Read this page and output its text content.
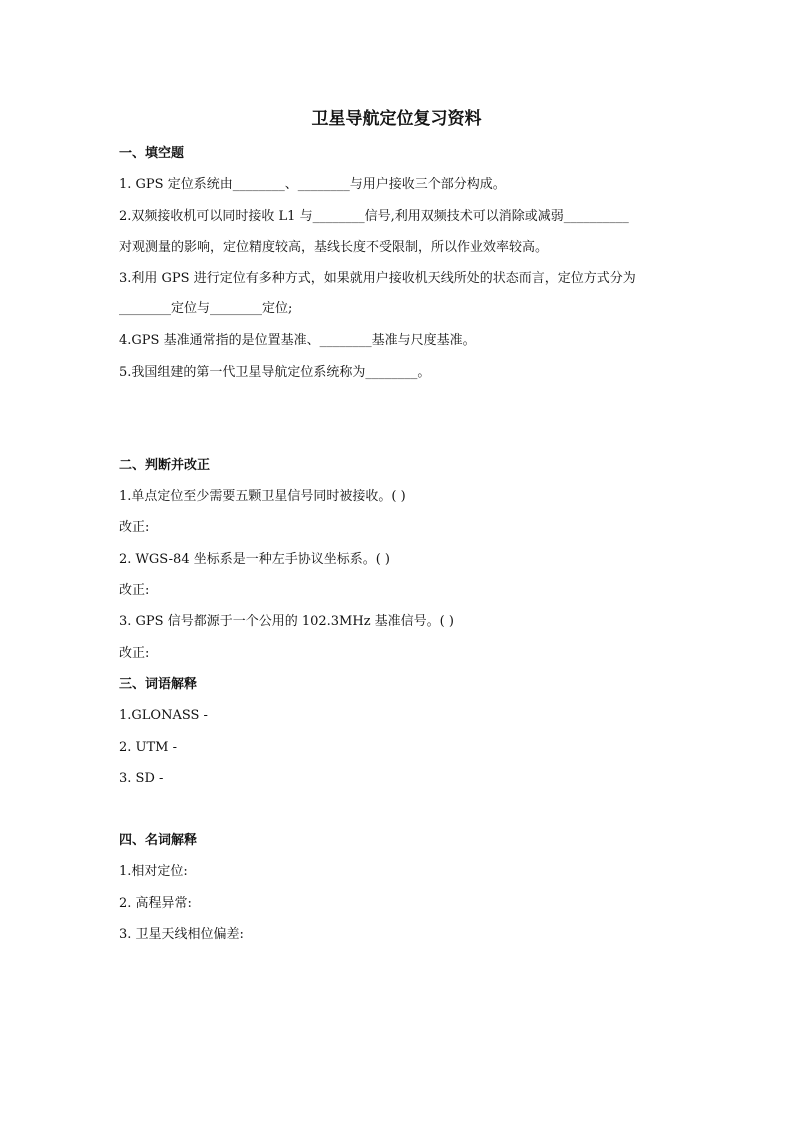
卫星导航定位复习资料

一、填空题

1. GPS 定位系统由________、________与用户接收三个部分构成。

2.双频接收机可以同时接收 L1 与________信号,利用双频技术可以消除或减弱__________

对观测量的影响，定位精度较高，基线长度不受限制，所以作业效率较高。

3.利用 GPS 进行定位有多种方式，如果就用户接收机天线所处的状态而言，定位方式分为

________定位与________定位;

4.GPS 基准通常指的是位置基准、________基准与尺度基准。

5.我国组建的第一代卫星导航定位系统称为________。

二、判断并改正

1.单点定位至少需要五颗卫星信号同时被接收。( )

改正:

2. WGS-84 坐标系是一种左手协议坐标系。( )

改正:

3. GPS 信号都源于一个公用的 102.3MHz 基准信号。( )

改正:

三、词语解释

1.GLONASS -

2. UTM -

3. SD -

四、名词解释

1.相对定位:

2. 高程异常:

3. 卫星天线相位偏差:
